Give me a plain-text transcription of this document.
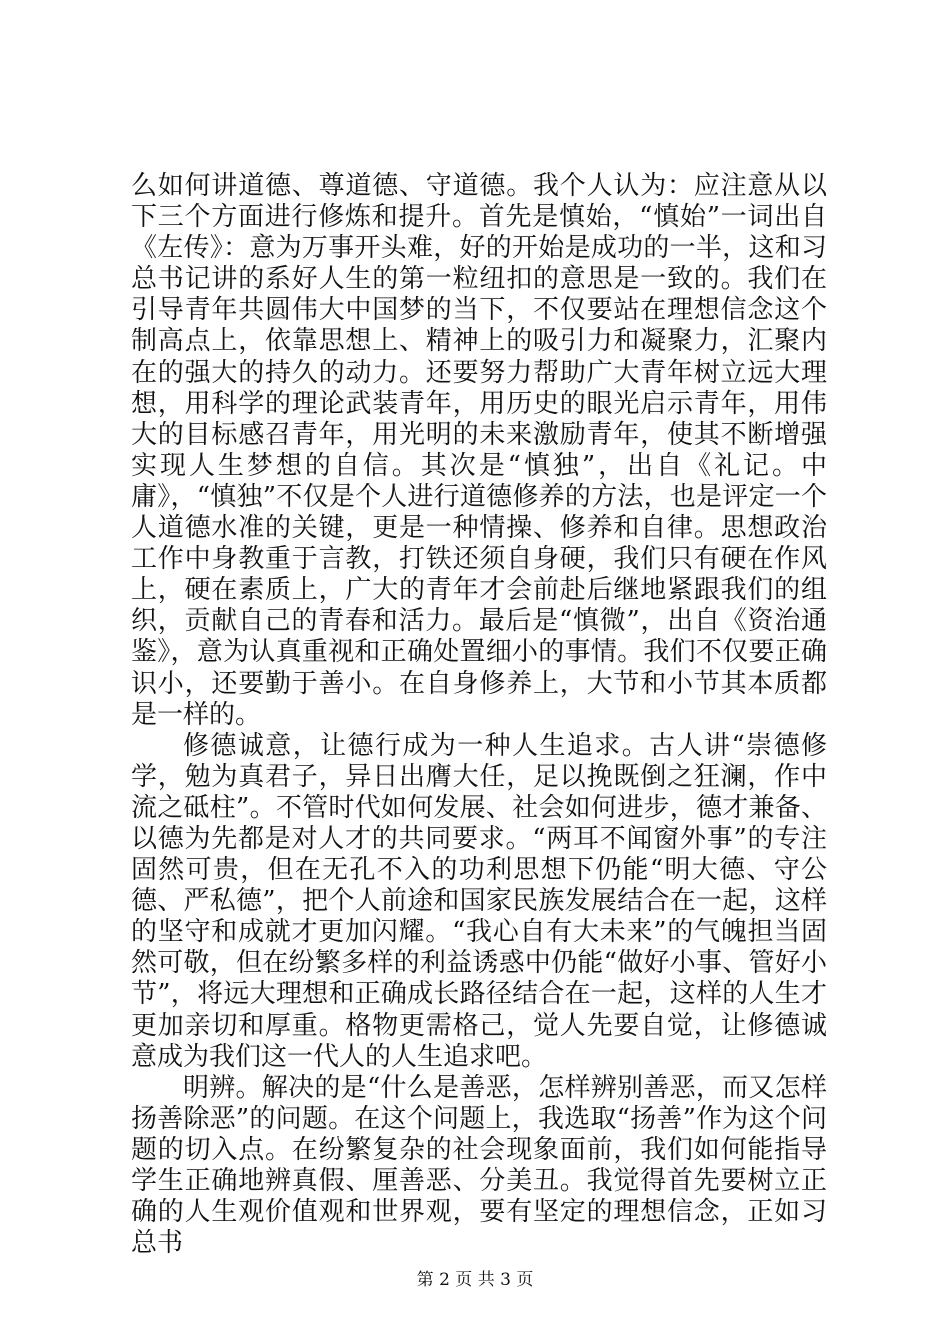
么如何讲道德、尊道德、守道德。我个人认为：应注意从以下三个方面进行修炼和提升。首先是慎始，“慎始”一词出自《左传》：意为万事开头难，好的开始是成功的一半，这和习总书记讲的系好人生的第一粒纽扣的意思是一致的。我们在引导青年共圆伟大中国梦的当下，不仅要站在理想信念这个制高点上，依靠思想上、精神上的吸引力和凝聚力，汇聚内在的强大的持久的动力。还要努力帮助广大青年树立远大理想，用科学的理论武装青年，用历史的眼光启示青年，用伟大的目标感召青年，用光明的未来激励青年，使其不断增强实现人生梦想的自信。其次是“慎独”，出自《礼记。中庸》，“慎独”不仅是个人进行道德修养的方法，也是评定一个人道德水准的关键，更是一种情操、修养和自律。思想政治工作中身教重于言教，打铁还须自身硬，我们只有硬在作风上，硬在素质上，广大的青年才会前赴后继地紧跟我们的组织，贡献自己的青春和活力。最后是“慎微”，出自《资治通鉴》，意为认真重视和正确处置细小的事情。我们不仅要正确识小，还要勤于善小。在自身修养上，大节和小节其本质都是一样的。

修德诚意，让德行成为一种人生追求。古人讲“崇德修学，勉为真君子，异日出膺大任，足以挽既倒之狂澜，作中流之砥柱”。不管时代如何发展、社会如何进步，德才兼备、以德为先都是对人才的共同要求。“两耳不闻窗外事”的专注固然可贵，但在无孔不入的功利思想下仍能“明大德、守公德、严私德”，把个人前途和国家民族发展结合在一起，这样的坚守和成就才更加闪耀。“我心自有大未来”的气魄担当固然可敬，但在纷繁多样的利益诱惑中仍能“做好小事、管好小节”，将远大理想和正确成长路径结合在一起，这样的人生才更加亲切和厚重。格物更需格己，觉人先要自觉，让修德诚意成为我们这一代人的人生追求吧。

明辨。解决的是“什么是善恶，怎样辨别善恶，而又怎样扬善除恶”的问题。在这个问题上，我选取“扬善”作为这个问题的切入点。在纷繁复杂的社会现象面前，我们如何能指导学生正确地辨真假、厘善恶、分美丑。我觉得首先要树立正确的人生观价值观和世界观，要有坚定的理想信念，正如习总书

第 2 页 共 3 页
